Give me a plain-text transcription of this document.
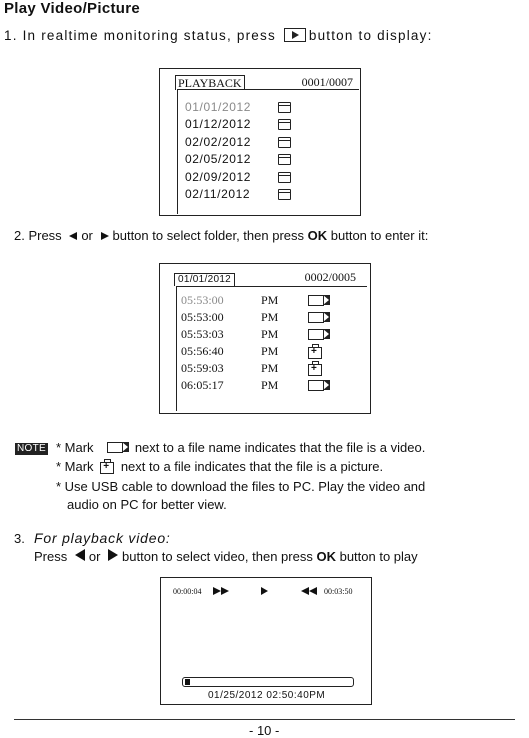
Play Video/Picture
1. In realtime monitoring status, press button to display:
PLAYBACK	0001/0007
01/01/2012
01/12/2012
02/02/2012
02/05/2012
02/09/2012
02/11/2012
2. Press or button to select folder, then press OK button to enter it:
01/01/2012	0002/0005
05:53:00	PM
05:53:00	PM
05:53:03	PM
05:56:40	PM
+
05:59:03	PM
+
06:05:17	PM
NOTE * Mark	next to a file name indicates that the file is a video.
* Mark
+ next to a file indicates that the file is a picture.
* Use USB cable to download the files to PC. Play the video and
audio on PC for better view.
3. For playback video:
Press or button to select video, then press OK button to play
00:00:04	00:03:50
01/25/2012 02:50:40PM
- 10 -
